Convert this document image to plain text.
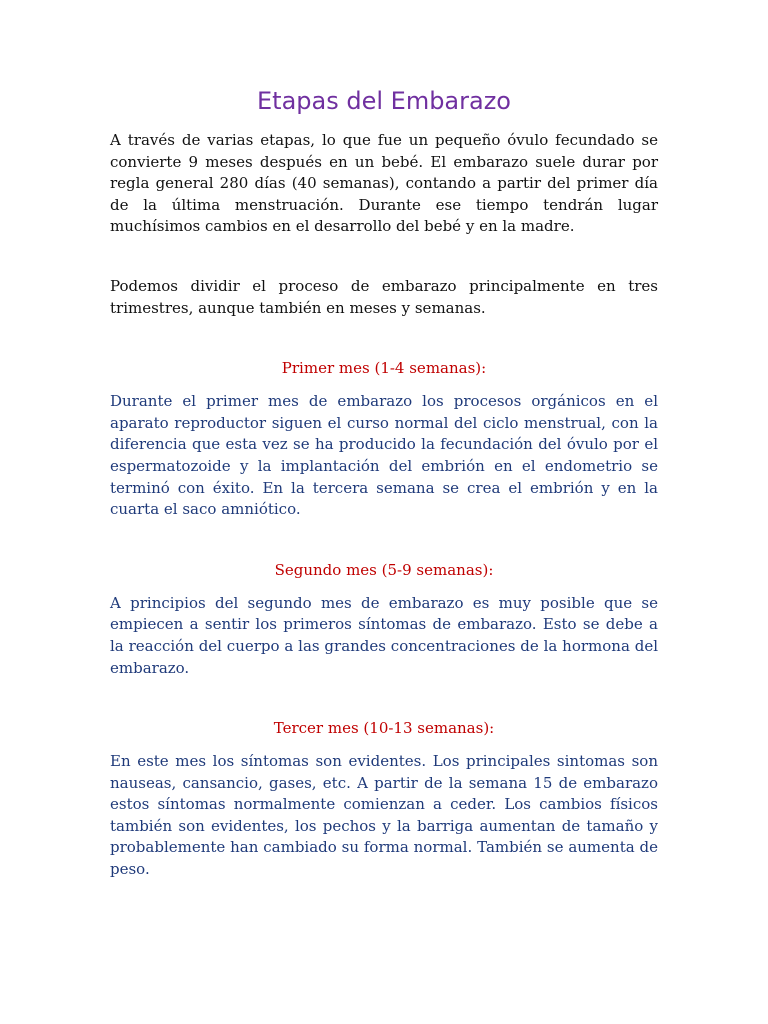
Etapas del Embarazo

A través de varias etapas, lo que fue un pequeño óvulo fecundado se convierte 9 meses después en un bebé. El embarazo suele durar por regla general 280 días (40 semanas), contando a partir del primer día de la última menstruación. Durante ese tiempo tendrán lugar muchísimos cambios en el desarrollo del bebé y en la madre.

Podemos dividir el proceso de embarazo principalmente en tres trimestres, aunque también en meses y semanas.

Primer mes (1-4 semanas):

Durante el primer mes de embarazo los procesos orgánicos en el aparato reproductor siguen el curso normal del ciclo menstrual, con la diferencia que esta vez se ha producido la fecundación del óvulo por el espermatozoide y la implantación del embrión en el endometrio se terminó con éxito. En la tercera semana se crea el embrión y en la cuarta el saco amniótico.

Segundo mes (5-9 semanas):

A principios del segundo mes de embarazo es muy posible que se empiecen a sentir los primeros síntomas de embarazo. Esto se debe a la reacción del cuerpo a las grandes concentraciones de la hormona del embarazo.

Tercer mes (10-13 semanas):

En este mes los síntomas son evidentes. Los principales sintomas son nauseas, cansancio, gases, etc. A partir de la semana 15 de embarazo estos síntomas normalmente comienzan a ceder. Los cambios físicos también son evidentes, los pechos y la barriga aumentan de tamaño y probablemente han cambiado su forma normal. También se aumenta de peso.
